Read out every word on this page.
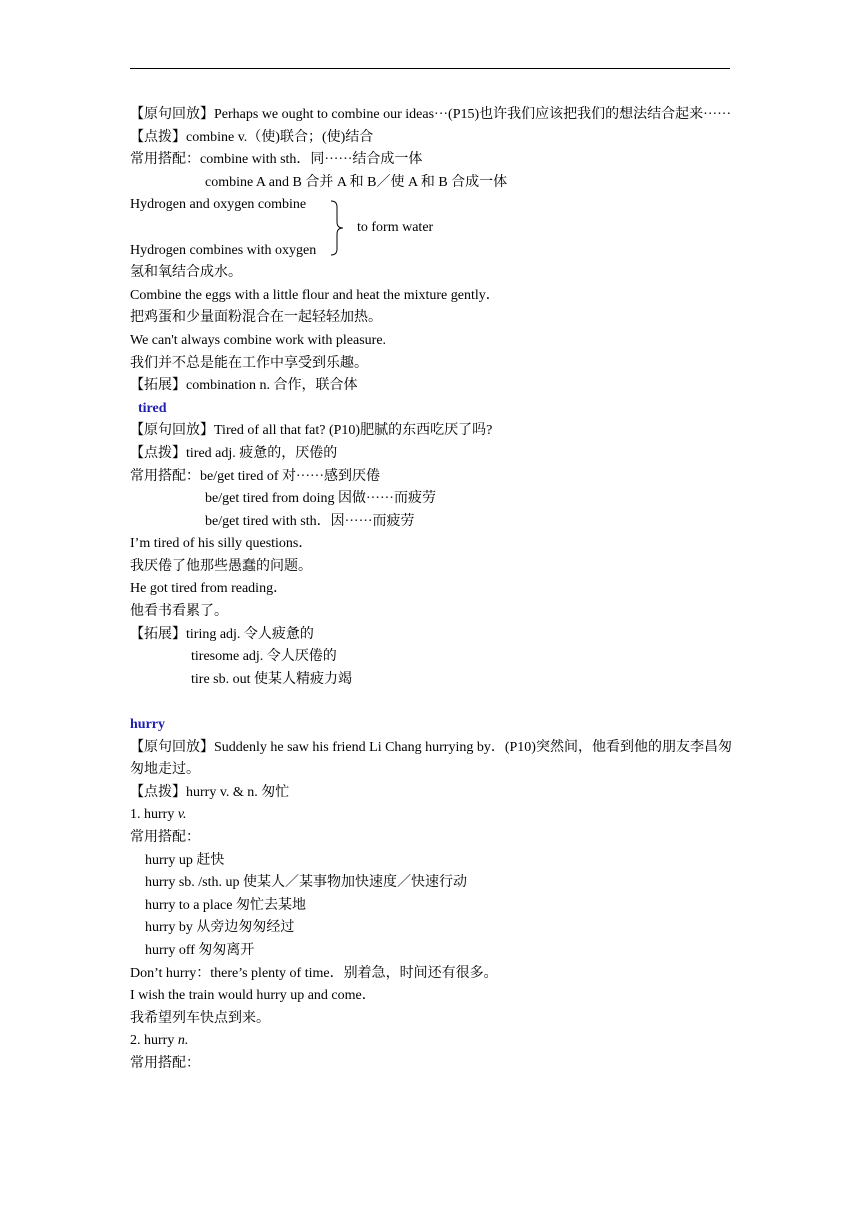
【原句回放】Perhaps we ought to combine our ideas···(P15)也许我们应该把我们的想法结合起来······
【点拨】combine v.（使)联合；(使)结合
常用搭配：combine with sth．同······结合成一体
combine A and B 合并 A 和 B／使 A 和 B 合成一体
Hydrogen and oxygen combine
Hydrogen combines with oxygen
to form water
氢和氧结合成水。
Combine the eggs with a little flour and heat the mixture gently．
把鸡蛋和少量面粉混合在一起轻轻加热。
We can't always combine work with pleasure.
我们并不总是能在工作中享受到乐趣。
【拓展】combination n. 合作，联合体
tired
【原句回放】Tired of all that fat? (P10)肥腻的东西吃厌了吗?
【点拨】tired adj. 疲惫的，厌倦的
常用搭配：be/get tired of 对······感到厌倦
be/get tired from doing 因做······而疲劳
be/get tired with sth．因······而疲劳
I’m tired of his silly questions．
我厌倦了他那些愚蠢的问题。
He got tired from reading．
他看书看累了。
【拓展】tiring adj. 令人疲惫的
tiresome adj. 令人厌倦的
tire sb. out 使某人精疲力竭
hurry
【原句回放】Suddenly he saw his friend Li Chang hurrying by．(P10)突然间，他看到他的朋友李昌匆匆地走过。
【点拨】hurry v. & n. 匆忙
1. hurry v.
常用搭配：
hurry up 赶快
hurry sb. /sth. up 使某人／某事物加快速度／快速行动
hurry to a place 匆忙去某地
hurry by 从旁边匆匆经过
hurry off 匆匆离开
Don’t hurry：there’s plenty of time．别着急，时间还有很多。
I wish the train would hurry up and come．
我希望列车快点到来。
2. hurry n.
常用搭配：
